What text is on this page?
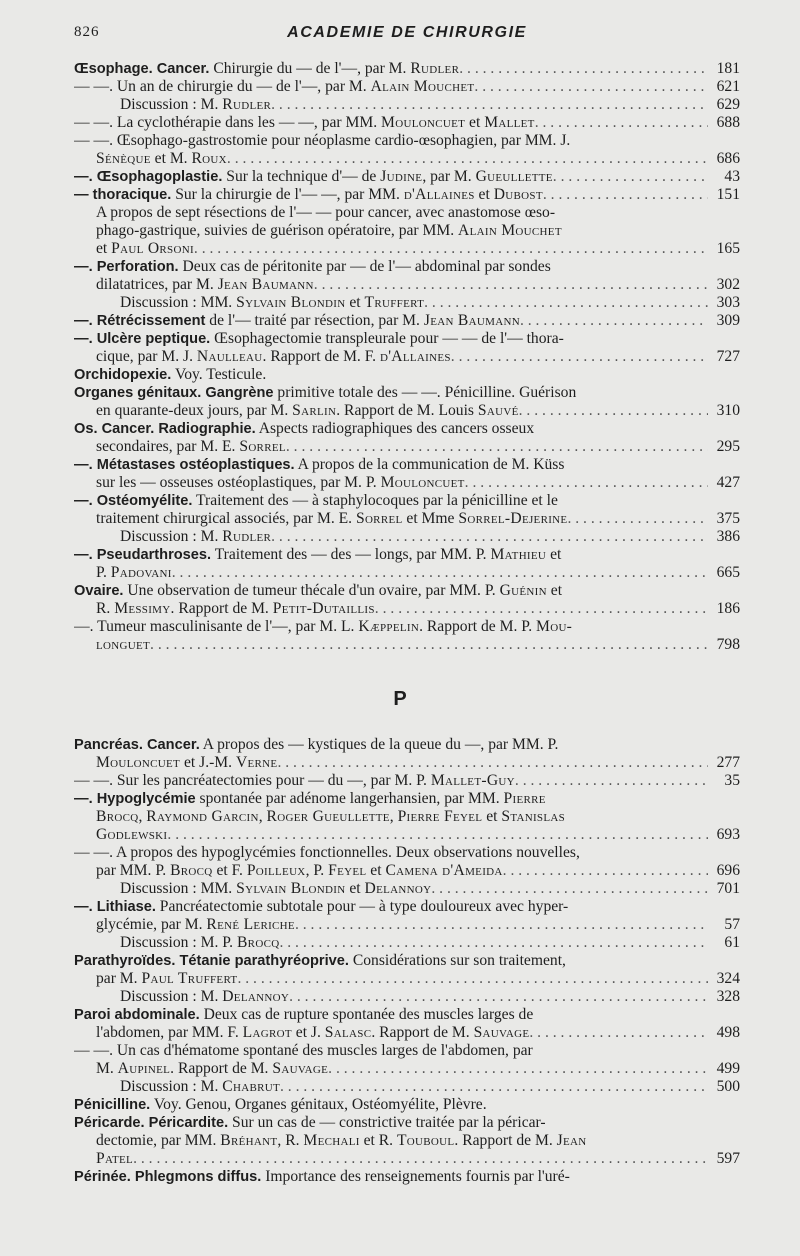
826	ACADEMIE DE CHIRURGIE
Œsophage. Cancer. Chirurgie du — de l'—, par M. Rudler . . .	181
— —. Un an de chirurgie du — de l'—, par M. Alain Mouchet . . .	621
Discussion : M. Rudler . . .	629
— —. La cyclothérapie dans les — —, par MM. Mouloncuet et Mallet . . .	688
— —. Œsophago-gastrostomie pour néoplasme cardio-œsophagien, par MM. J.
Sénèque et M. Roux . . .	686
—. Œsophagoplastie. Sur la technique d'— de Judine, par M. Gueullette . . .	43
— thoracique. Sur la chirurgie de l'— —, par MM. d'Allaines et Dubost . . .	151
A propos de sept résections de l'— — pour cancer, avec anastomose œso-
phago-gastrique, suivies de guérison opératoire, par MM. Alain Mouchet
et Paul Orsoni . . .	165
—. Perforation. Deux cas de péritonite par — de l'— abdominal par sondes
dilatatrices, par M. Jean Baumann . . .	302
Discussion : MM. Sylvain Blondin et Truffert . . .	303
—. Rétrécissement de l'— traité par résection, par M. Jean Baumann . . .	309
—. Ulcère peptique. Œsophagectomie transpleurale pour — — de l'— thora-
cique, par M. J. Naulleau. Rapport de M. F. d'Allaines . . .	727
Orchidopexie. Voy. Testicule.
Organes génitaux. Gangrène primitive totale des — —. Pénicilline. Guérison
en quarante-deux jours, par M. Sarlin. Rapport de M. Louis Sauvé . . .	310
Os. Cancer. Radiographie. Aspects radiographiques des cancers osseux
secondaires, par M. E. Sorrel . . .	295
—. Métastases ostéoplastiques. A propos de la communication de M. Küss
sur les — osseuses ostéoplastiques, par M. P. Mouloncuet . . .	427
—. Ostéomyélite. Traitement des — à staphylocoques par la pénicilline et le
traitement chirurgical associés, par M. E. Sorrel et Mme Sorrel-Dejerine . . .	375
Discussion : M. Rudler . . .	386
—. Pseudarthroses. Traitement des — des — longs, par MM. P. Mathieu et
P. Padovani . . .	665
Ovaire. Une observation de tumeur thécale d'un ovaire, par MM. P. Guénin et
R. Messimy. Rapport de M. Petit-Dutaillis . . .	186
—. Tumeur masculinisante de l'—, par M. L. Kæppelin. Rapport de M. P. Mou-
longuet . . .	798
P
Pancréas. Cancer. A propos des — kystiques de la queue du —, par MM. P.
Mouloncuet et J.-M. Verne . . .	277
— —. Sur les pancréatectomies pour — du —, par M. P. Mallet-Guy . . .	35
—. Hypoglycémie spontanée par adénome langerhansien, par MM. Pierre
Brocq, Raymond Garcin, Roger Gueullette, Pierre Feyel et Stanislas
Godlewski . . .	693
— —. A propos des hypoglycémies fonctionnelles. Deux observations nouvelles,
par MM. P. Brocq et F. Poilleux, P. Feyel et Camena d'Ameida . . .	696
Discussion : MM. Sylvain Blondin et Delannoy . . .	701
—. Lithiase. Pancréatectomie subtotale pour — à type douloureux avec hyper-
glycémie, par M. René Leriche . . .	57
Discussion : M. P. Brocq . . .	61
Parathyroïdes. Tétanie parathyréoprive. Considérations sur son traitement,
par M. Paul Truffert . . .	324
Discussion : M. Delannoy . . .	328
Paroi abdominale. Deux cas de rupture spontanée des muscles larges de
l'abdomen, par MM. F. Lagrot et J. Salasc. Rapport de M. Sauvage . . .	498
— —. Un cas d'hématome spontané des muscles larges de l'abdomen, par
M. Aupinel. Rapport de M. Sauvage . . .	499
Discussion : M. Chabrut . . .	500
Pénicilline. Voy. Genou, Organes génitaux, Ostéomyélite, Plèvre.
Péricarde. Péricardite. Sur un cas de — constrictive traitée par la péricar-
dectomie, par MM. Bréhant, R. Mechali et R. Touboul. Rapport de M. Jean
Patel . . .	597
Périnée. Phlegmons diffus. Importance des renseignements fournis par l'uré-
